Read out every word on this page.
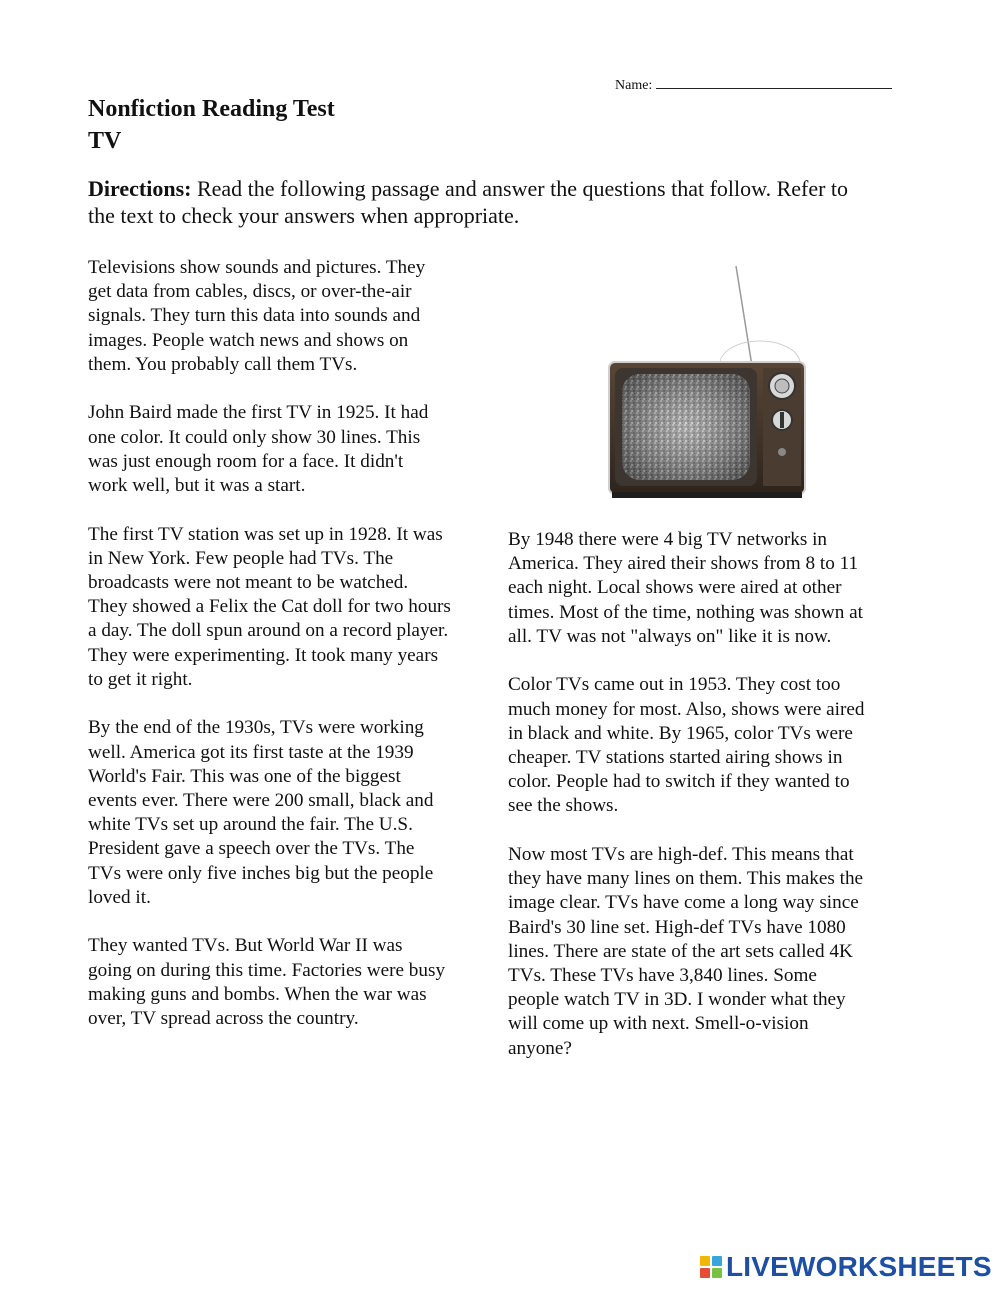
Name:
Nonfiction Reading Test
TV
Directions: Read the following passage and answer the questions that follow. Refer to
the text to check your answers when appropriate.

Televisions show sounds and pictures. They
get data from cables, discs, or over-the-air
signals. They turn this data into sounds and
images. People watch news and shows on
them. You probably call them TVs.

John Baird made the first TV in 1925. It had
one color. It could only show 30 lines. This
was just enough room for a face. It didn't
work well, but it was a start.

The first TV station was set up in 1928. It was
in New York. Few people had TVs. The
broadcasts were not meant to be watched.
They showed a Felix the Cat doll for two hours
a day. The doll spun around on a record player.
They were experimenting. It took many years
to get it right.

By the end of the 1930s, TVs were working
well. America got its first taste at the 1939
World's Fair. This was one of the biggest
events ever. There were 200 small, black and
white TVs set up around the fair. The U.S.
President gave a speech over the TVs. The
TVs were only five inches big but the people
loved it.

They wanted TVs. But World War II was
going on during this time. Factories were busy
making guns and bombs. When the war was
over, TV spread across the country.

By 1948 there were 4 big TV networks in
America. They aired their shows from 8 to 11
each night. Local shows were aired at other
times. Most of the time, nothing was shown at
all. TV was not "always on" like it is now.

Color TVs came out in 1953. They cost too
much money for most. Also, shows were aired
in black and white. By 1965, color TVs were
cheaper. TV stations started airing shows in
color. People had to switch if they wanted to
see the shows.

Now most TVs are high-def. This means that
they have many lines on them. This makes the
image clear. TVs have come a long way since
Baird's 30 line set. High-def TVs have 1080
lines. There are state of the art sets called 4K
TVs. These TVs have 3,840 lines. Some
people watch TV in 3D. I wonder what they
will come up with next. Smell-o-vision
anyone?

LIVEWORKSHEETS
